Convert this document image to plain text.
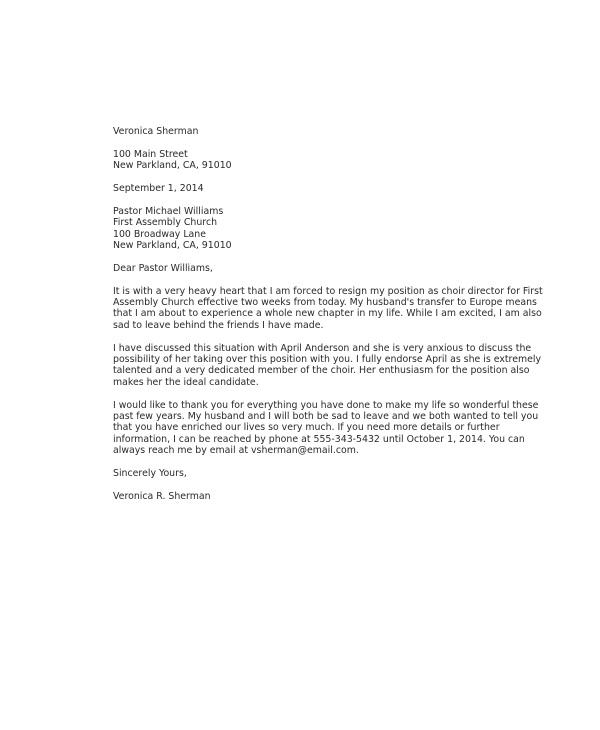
Veronica Sherman
100 Main Street
New Parkland, CA, 91010
September 1, 2014
Pastor Michael Williams
First Assembly Church
100 Broadway Lane
New Parkland, CA, 91010
Dear Pastor Williams,
It is with a very heavy heart that I am forced to resign my position as choir director for First
Assembly Church effective two weeks from today. My husband's transfer to Europe means
that I am about to experience a whole new chapter in my life. While I am excited, I am also
sad to leave behind the friends I have made.
I have discussed this situation with April Anderson and she is very anxious to discuss the
possibility of her taking over this position with you. I fully endorse April as she is extremely
talented and a very dedicated member of the choir. Her enthusiasm for the position also
makes her the ideal candidate.
I would like to thank you for everything you have done to make my life so wonderful these
past few years. My husband and I will both be sad to leave and we both wanted to tell you
that you have enriched our lives so very much. If you need more details or further
information, I can be reached by phone at 555-343-5432 until October 1, 2014. You can
always reach me by email at vsherman@email.com.
Sincerely Yours,
Veronica R. Sherman
